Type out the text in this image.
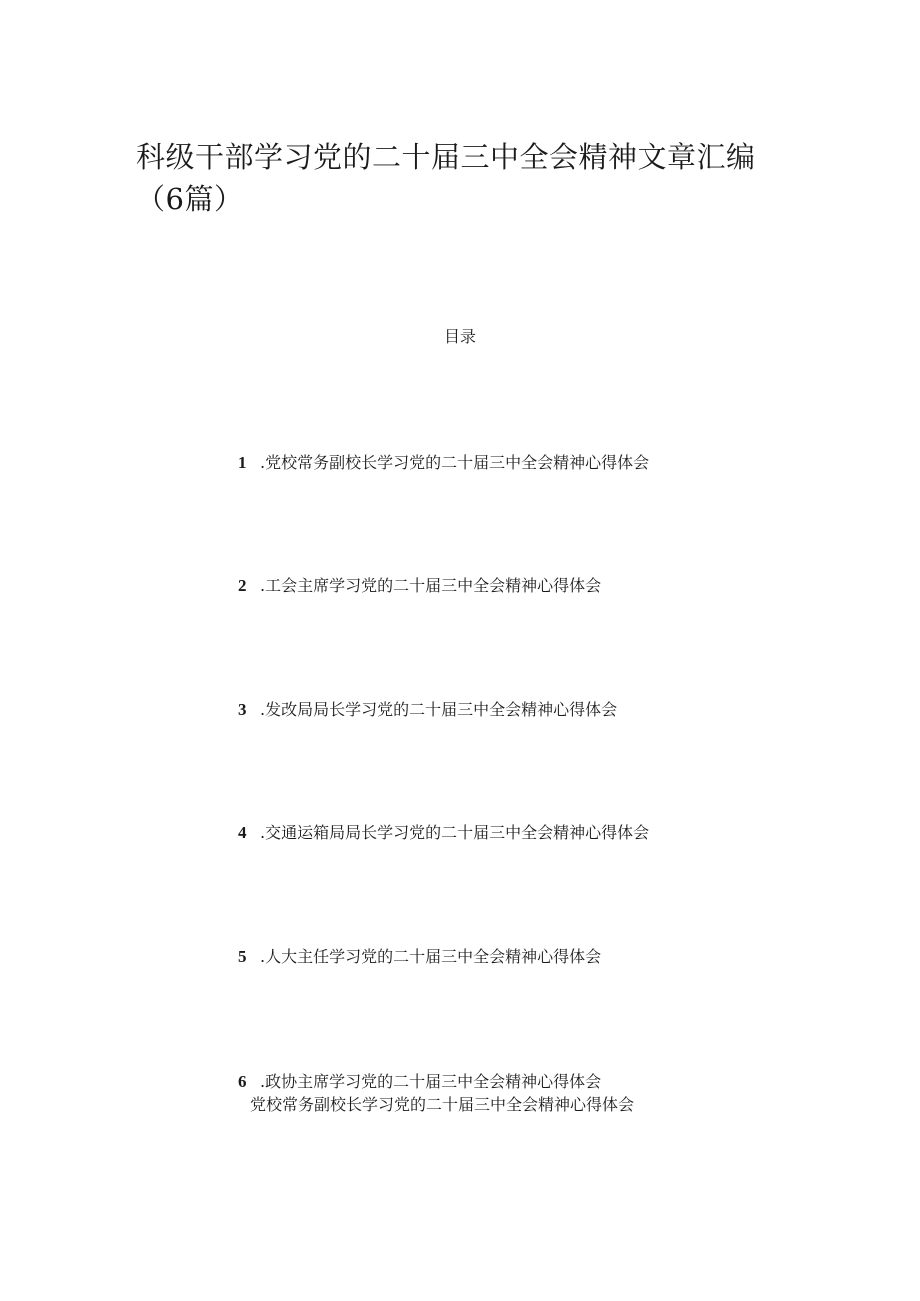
科级干部学习党的二十届三中全会精神文章汇编（6篇）

目录

1 .党校常务副校长学习党的二十届三中全会精神心得体会
2 .工会主席学习党的二十届三中全会精神心得体会
3 .发改局局长学习党的二十届三中全会精神心得体会
4 .交通运箱局局长学习党的二十届三中全会精神心得体会
5 .人大主任学习党的二十届三中全会精神心得体会
6 .政协主席学习党的二十届三中全会精神心得体会

党校常务副校长学习党的二十届三中全会精神心得体会
